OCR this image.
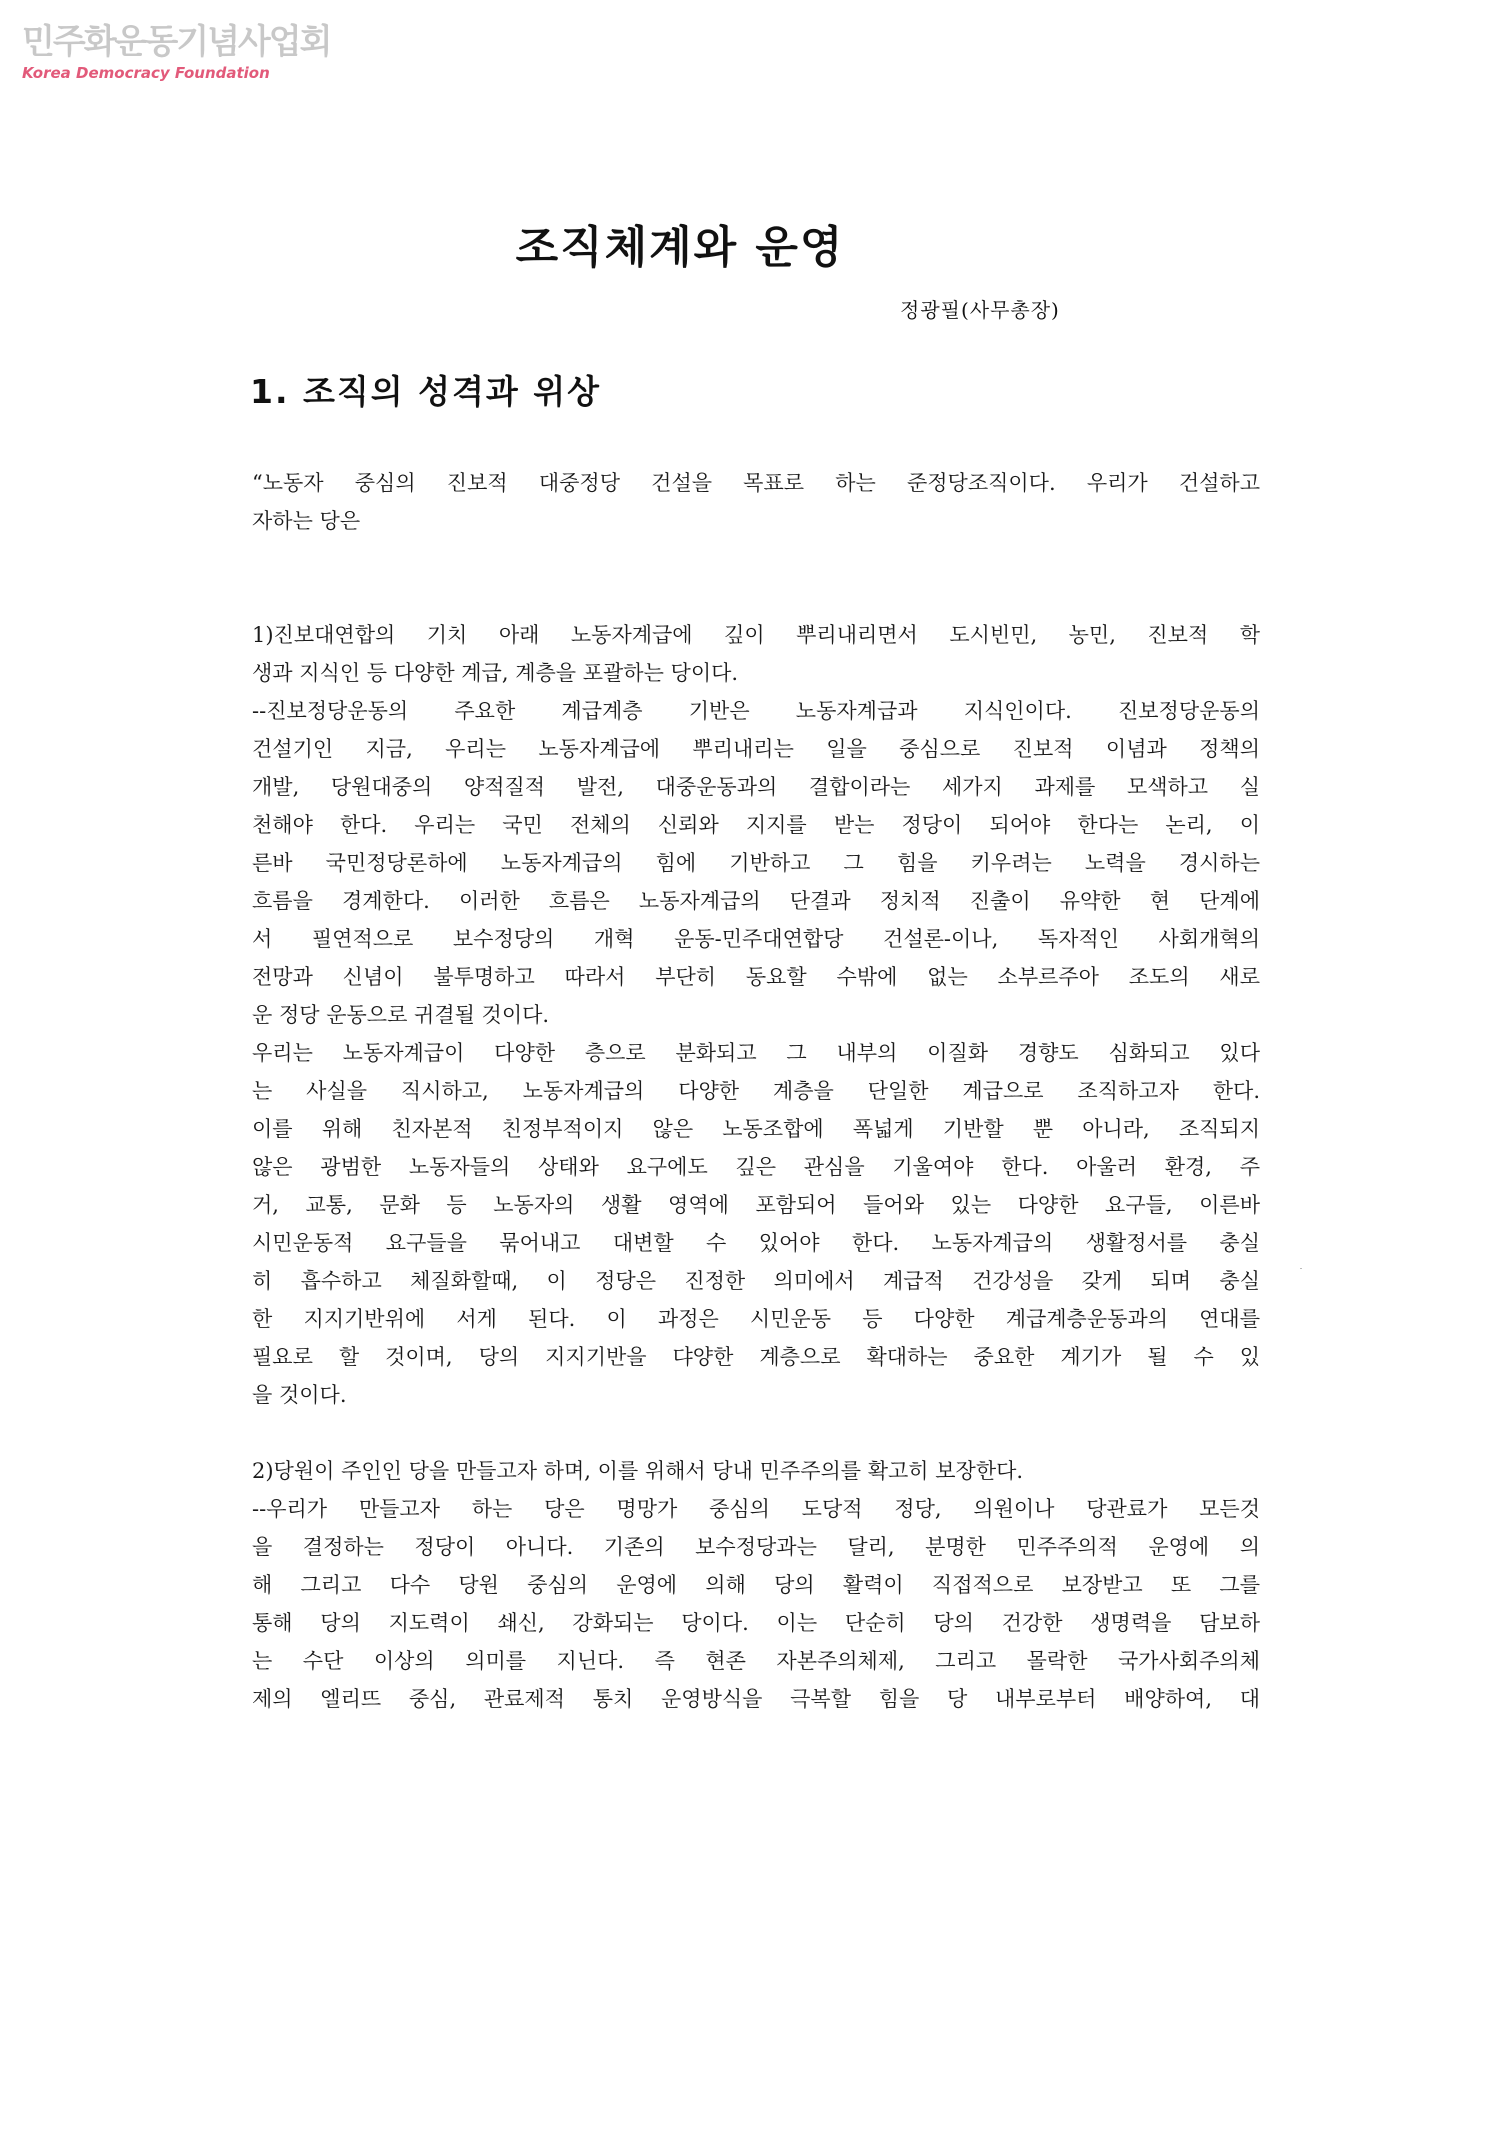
민주화운동기념사업회
Korea Democracy Foundation
조직체계와 운영
정광필(사무총장)
1. 조직의 성격과 위상
“노동자 중심의 진보적 대중정당 건설을 목표로 하는 준정당조직이다. 우리가 건설하고
자하는 당은
1)진보대연합의 기치 아래 노동자계급에 깊이 뿌리내리면서 도시빈민, 농민, 진보적 학
생과 지식인 등 다양한 계급, 계층을 포괄하는 당이다.
--진보정당운동의 주요한 계급계층 기반은 노동자계급과 지식인이다. 진보정당운동의
건설기인 지금, 우리는 노동자계급에 뿌리내리는 일을 중심으로 진보적 이념과 정책의
개발, 당원대중의 양적질적 발전, 대중운동과의 결합이라는 세가지 과제를 모색하고 실
천해야 한다. 우리는 국민 전체의 신뢰와 지지를 받는 정당이 되어야 한다는 논리, 이
른바 국민정당론하에 노동자계급의 힘에 기반하고 그 힘을 키우려는 노력을 경시하는
흐름을 경계한다. 이러한 흐름은 노동자계급의 단결과 정치적 진출이 유약한 현 단계에
서 필연적으로 보수정당의 개혁 운동-민주대연합당 건설론-이나, 독자적인 사회개혁의
전망과 신념이 불투명하고 따라서 부단히 동요할 수밖에 없는 소부르주아 조도의 새로
운 정당 운동으로 귀결될 것이다.
우리는 노동자계급이 다양한 층으로 분화되고 그 내부의 이질화 경향도 심화되고 있다
는 사실을 직시하고, 노동자계급의 다양한 계층을 단일한 계급으로 조직하고자 한다.
이를 위해 친자본적 친정부적이지 않은 노동조합에 폭넓게 기반할 뿐 아니라, 조직되지
않은 광범한 노동자들의 상태와 요구에도 깊은 관심을 기울여야 한다. 아울러 환경, 주
거, 교통, 문화 등 노동자의 생활 영역에 포함되어 들어와 있는 다양한 요구들, 이른바
시민운동적 요구들을 묶어내고 대변할 수 있어야 한다. 노동자계급의 생활정서를 충실
히 흡수하고 체질화할때, 이 정당은 진정한 의미에서 계급적 건강성을 갖게 되며 충실
한 지지기반위에 서게 된다. 이 과정은 시민운동 등 다양한 계급계층운동과의 연대를
필요로 할 것이며, 당의 지지기반을 댜양한 계층으로 확대하는 중요한 계기가 될 수 있
을 것이다.
2)당원이 주인인 당을 만들고자 하며, 이를 위해서 당내 민주주의를 확고히 보장한다.
--우리가 만들고자 하는 당은 명망가 중심의 도당적 정당, 의원이나 당관료가 모든것
을 결정하는 정당이 아니다. 기존의 보수정당과는 달리, 분명한 민주주의적 운영에 의
해 그리고 다수 당원 중심의 운영에 의해 당의 활력이 직접적으로 보장받고 또 그를
통해 당의 지도력이 쇄신, 강화되는 당이다. 이는 단순히 당의 건강한 생명력을 담보하
는 수단 이상의 의미를 지닌다. 즉 현존 자본주의체제, 그리고 몰락한 국가사회주의체
제의 엘리뜨 중심, 관료제적 통치 운영방식을 극복할 힘을 당 내부로부터 배양하여, 대
